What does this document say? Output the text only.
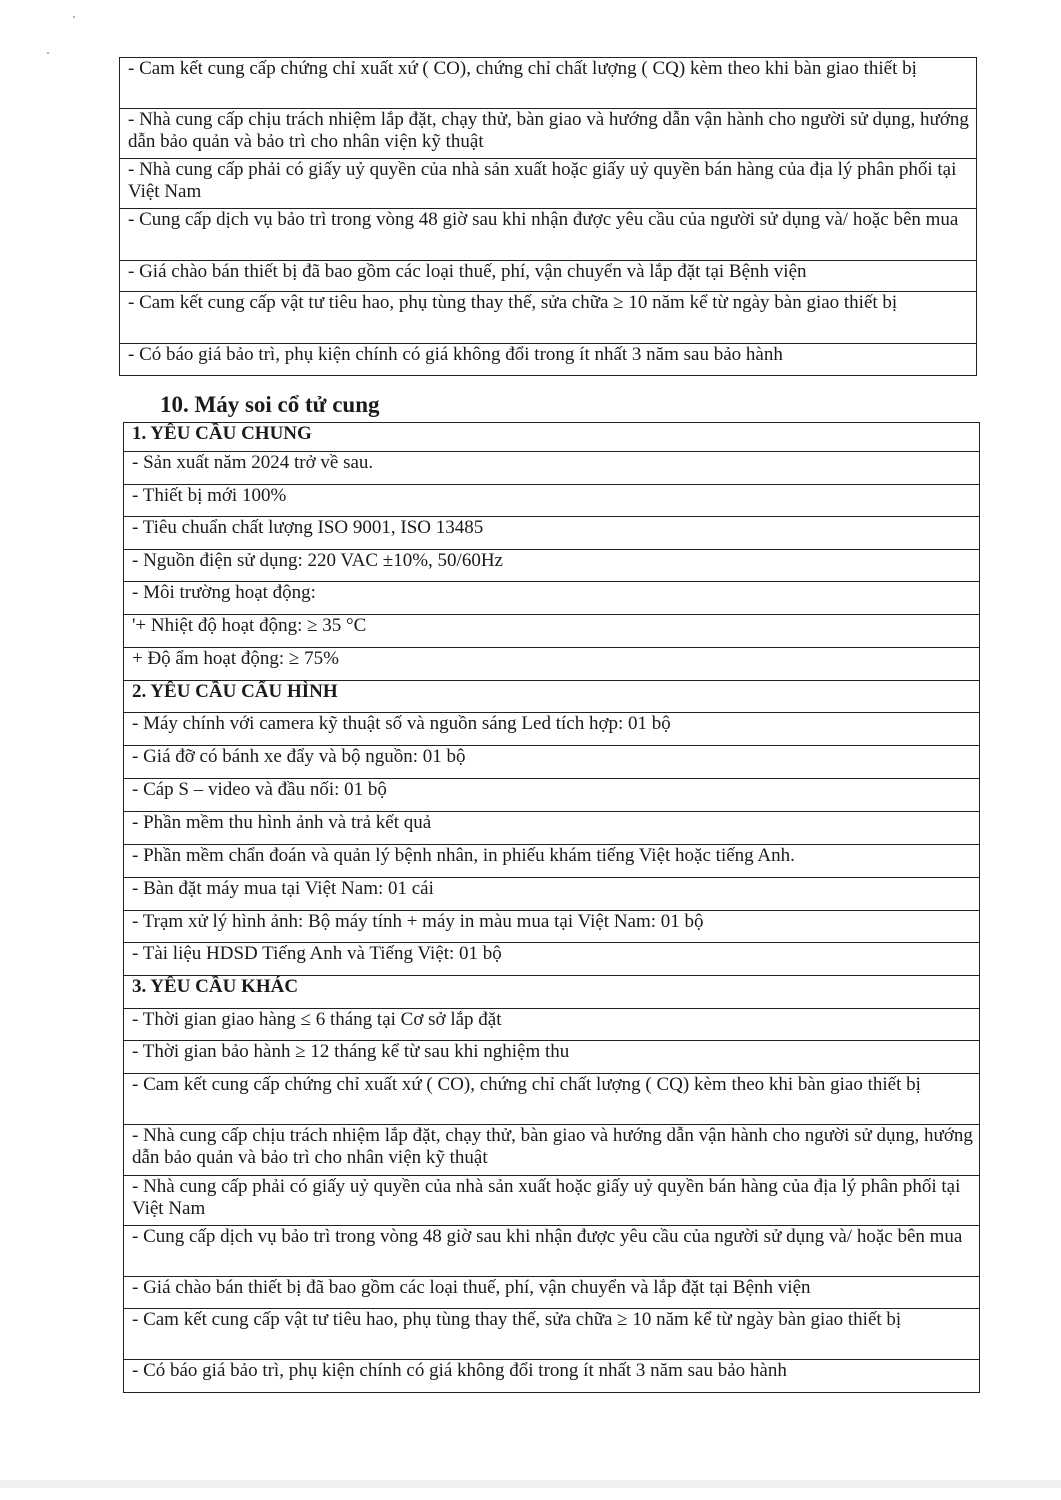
- Cam kết cung cấp chứng chỉ xuất xứ ( CO), chứng chỉ chất lượng ( CQ) kèm theo khi bàn giao thiết bị
- Nhà cung cấp chịu trách nhiệm lắp đặt, chạy thử, bàn giao và hướng dẫn vận hành cho người sử dụng, hướng dẫn bảo quản và bảo trì cho nhân viện kỹ thuật
- Nhà cung cấp phải có giấy uỷ quyền của nhà sản xuất hoặc giấy uỷ quyền bán hàng của địa lý phân phối tại Việt Nam
- Cung cấp dịch vụ bảo trì trong vòng 48 giờ sau khi nhận được yêu cầu của người sử dụng và/ hoặc bên mua
- Giá chào bán thiết bị đã bao gồm các loại thuế, phí, vận chuyển và lắp đặt tại Bệnh viện
- Cam kết cung cấp vật tư tiêu hao, phụ tùng thay thế, sửa chữa ≥ 10 năm kể từ ngày bàn giao thiết bị
- Có báo giá bảo trì, phụ kiện chính có giá không đổi trong ít nhất 3 năm sau bảo hành
10. Máy soi cổ tử cung
1. YÊU CẦU CHUNG
- Sản xuất năm 2024 trở về sau.
- Thiết bị mới 100%
- Tiêu chuẩn chất lượng ISO 9001, ISO 13485
- Nguồn điện sử dụng: 220 VAC ±10%, 50/60Hz
- Môi trường hoạt động:
'+ Nhiệt độ hoạt động: ≥ 35 °C
+ Độ ẩm hoạt động: ≥ 75%
2. YÊU CẦU CẤU HÌNH
- Máy chính với camera kỹ thuật số và nguồn sáng Led tích hợp: 01 bộ
- Giá đỡ có bánh xe đẩy và bộ nguồn: 01 bộ
- Cáp S – video và đầu nối: 01 bộ
- Phần mềm thu hình ảnh và trả kết quả
- Phần mềm chẩn đoán và quản lý bệnh nhân, in phiếu khám tiếng Việt hoặc tiếng Anh.
- Bàn đặt máy mua tại Việt Nam: 01 cái
- Trạm xử lý hình ảnh: Bộ máy tính + máy in màu mua tại Việt Nam: 01 bộ
- Tài liệu HDSD Tiếng Anh và Tiếng Việt: 01 bộ
3. YÊU CẦU KHÁC
- Thời gian giao hàng ≤ 6 tháng tại Cơ sở lắp đặt
- Thời gian bảo hành ≥ 12 tháng kể từ sau khi nghiệm thu
- Cam kết cung cấp chứng chỉ xuất xứ ( CO), chứng chỉ chất lượng ( CQ) kèm theo khi bàn giao thiết bị
- Nhà cung cấp chịu trách nhiệm lắp đặt, chạy thử, bàn giao và hướng dẫn vận hành cho người sử dụng, hướng dẫn bảo quản và bảo trì cho nhân viện kỹ thuật
- Nhà cung cấp phải có giấy uỷ quyền của nhà sản xuất hoặc giấy uỷ quyền bán hàng của địa lý phân phối tại Việt Nam
- Cung cấp dịch vụ bảo trì trong vòng 48 giờ sau khi nhận được yêu cầu của người sử dụng và/ hoặc bên mua
- Giá chào bán thiết bị đã bao gồm các loại thuế, phí, vận chuyển và lắp đặt tại Bệnh viện
- Cam kết cung cấp vật tư tiêu hao, phụ tùng thay thế, sửa chữa ≥ 10 năm kể từ ngày bàn giao thiết bị
- Có báo giá bảo trì, phụ kiện chính có giá không đổi trong ít nhất 3 năm sau bảo hành
